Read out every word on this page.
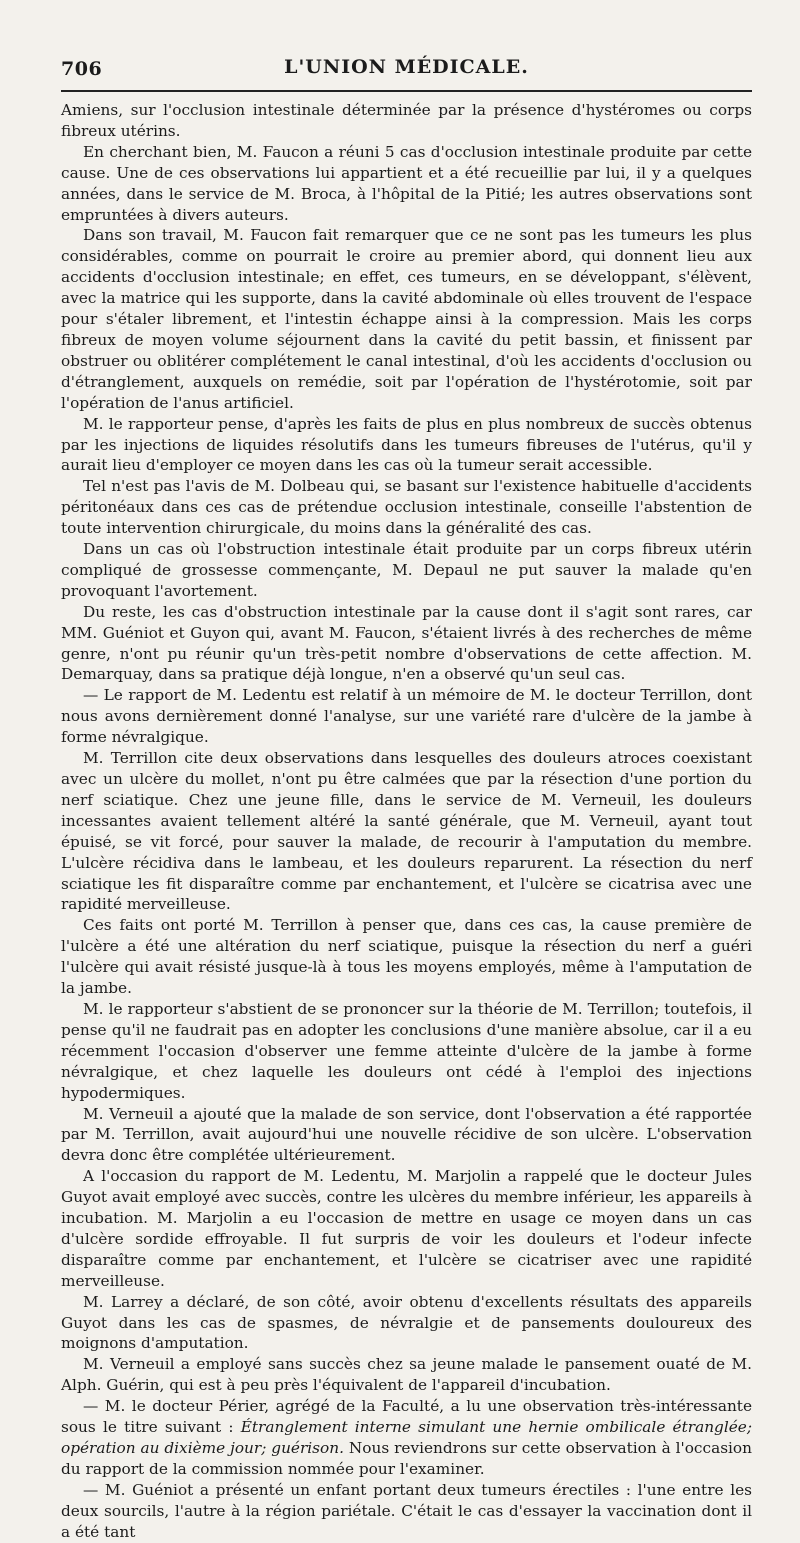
706	L'UNION MÉDICALE.

Amiens, sur l'occlusion intestinale déterminée par la présence d'hystéromes ou corps fibreux utérins.

En cherchant bien, M. Faucon a réuni 5 cas d'occlusion intestinale produite par cette cause. Une de ces observations lui appartient et a été recueillie par lui, il y a quelques années, dans le service de M. Broca, à l'hôpital de la Pitié; les autres observations sont empruntées à divers auteurs.

Dans son travail, M. Faucon fait remarquer que ce ne sont pas les tumeurs les plus considérables, comme on pourrait le croire au premier abord, qui donnent lieu aux accidents d'occlusion intestinale; en effet, ces tumeurs, en se développant, s'élèvent, avec la matrice qui les supporte, dans la cavité abdominale où elles trouvent de l'espace pour s'étaler librement, et l'intestin échappe ainsi à la compression. Mais les corps fibreux de moyen volume séjournent dans la cavité du petit bassin, et finissent par obstruer ou oblitérer complétement le canal intestinal, d'où les accidents d'occlusion ou d'étranglement, auxquels on remédie, soit par l'opération de l'hystérotomie, soit par l'opération de l'anus artificiel.

M. le rapporteur pense, d'après les faits de plus en plus nombreux de succès obtenus par les injections de liquides résolutifs dans les tumeurs fibreuses de l'utérus, qu'il y aurait lieu d'employer ce moyen dans les cas où la tumeur serait accessible.

Tel n'est pas l'avis de M. Dolbeau qui, se basant sur l'existence habituelle d'accidents péritonéaux dans ces cas de prétendue occlusion intestinale, conseille l'abstention de toute intervention chirurgicale, du moins dans la généralité des cas.

Dans un cas où l'obstruction intestinale était produite par un corps fibreux utérin compliqué de grossesse commençante, M. Depaul ne put sauver la malade qu'en provoquant l'avortement.

Du reste, les cas d'obstruction intestinale par la cause dont il s'agit sont rares, car MM. Guéniot et Guyon qui, avant M. Faucon, s'étaient livrés à des recherches de même genre, n'ont pu réunir qu'un très-petit nombre d'observations de cette affection. M. Demarquay, dans sa pratique déjà longue, n'en a observé qu'un seul cas.

— Le rapport de M. Ledentu est relatif à un mémoire de M. le docteur Terrillon, dont nous avons dernièrement donné l'analyse, sur une variété rare d'ulcère de la jambe à forme névralgique.

M. Terrillon cite deux observations dans lesquelles des douleurs atroces coexistant avec un ulcère du mollet, n'ont pu être calmées que par la résection d'une portion du nerf sciatique. Chez une jeune fille, dans le service de M. Verneuil, les douleurs incessantes avaient tellement altéré la santé générale, que M. Verneuil, ayant tout épuisé, se vit forcé, pour sauver la malade, de recourir à l'amputation du membre. L'ulcère récidiva dans le lambeau, et les douleurs reparurent. La résection du nerf sciatique les fit disparaître comme par enchantement, et l'ulcère se cicatrisa avec une rapidité merveilleuse.

Ces faits ont porté M. Terrillon à penser que, dans ces cas, la cause première de l'ulcère a été une altération du nerf sciatique, puisque la résection du nerf a guéri l'ulcère qui avait résisté jusque-là à tous les moyens employés, même à l'amputation de la jambe.

M. le rapporteur s'abstient de se prononcer sur la théorie de M. Terrillon; toutefois, il pense qu'il ne faudrait pas en adopter les conclusions d'une manière absolue, car il a eu récemment l'occasion d'observer une femme atteinte d'ulcère de la jambe à forme névralgique, et chez laquelle les douleurs ont cédé à l'emploi des injections hypodermiques.

M. Verneuil a ajouté que la malade de son service, dont l'observation a été rapportée par M. Terrillon, avait aujourd'hui une nouvelle récidive de son ulcère. L'observation devra donc être complétée ultérieurement.

A l'occasion du rapport de M. Ledentu, M. Marjolin a rappelé que le docteur Jules Guyot avait employé avec succès, contre les ulcères du membre inférieur, les appareils à incubation. M. Marjolin a eu l'occasion de mettre en usage ce moyen dans un cas d'ulcère sordide effroyable. Il fut surpris de voir les douleurs et l'odeur infecte disparaître comme par enchantement, et l'ulcère se cicatriser avec une rapidité merveilleuse.

M. Larrey a déclaré, de son côté, avoir obtenu d'excellents résultats des appareils Guyot dans les cas de spasmes, de névralgie et de pansements douloureux des moignons d'amputation.

M. Verneuil a employé sans succès chez sa jeune malade le pansement ouaté de M. Alph. Guérin, qui est à peu près l'équivalent de l'appareil d'incubation.

— M. le docteur Périer, agrégé de la Faculté, a lu une observation très-intéressante sous le titre suivant : Étranglement interne simulant une hernie ombilicale étranglée; opération au dixième jour; guérison. Nous reviendrons sur cette observation à l'occasion du rapport de la commission nommée pour l'examiner.

— M. Guéniot a présenté un enfant portant deux tumeurs érectiles : l'une entre les deux sourcils, l'autre à la région pariétale. C'était le cas d'essayer la vaccination dont il a été tant
